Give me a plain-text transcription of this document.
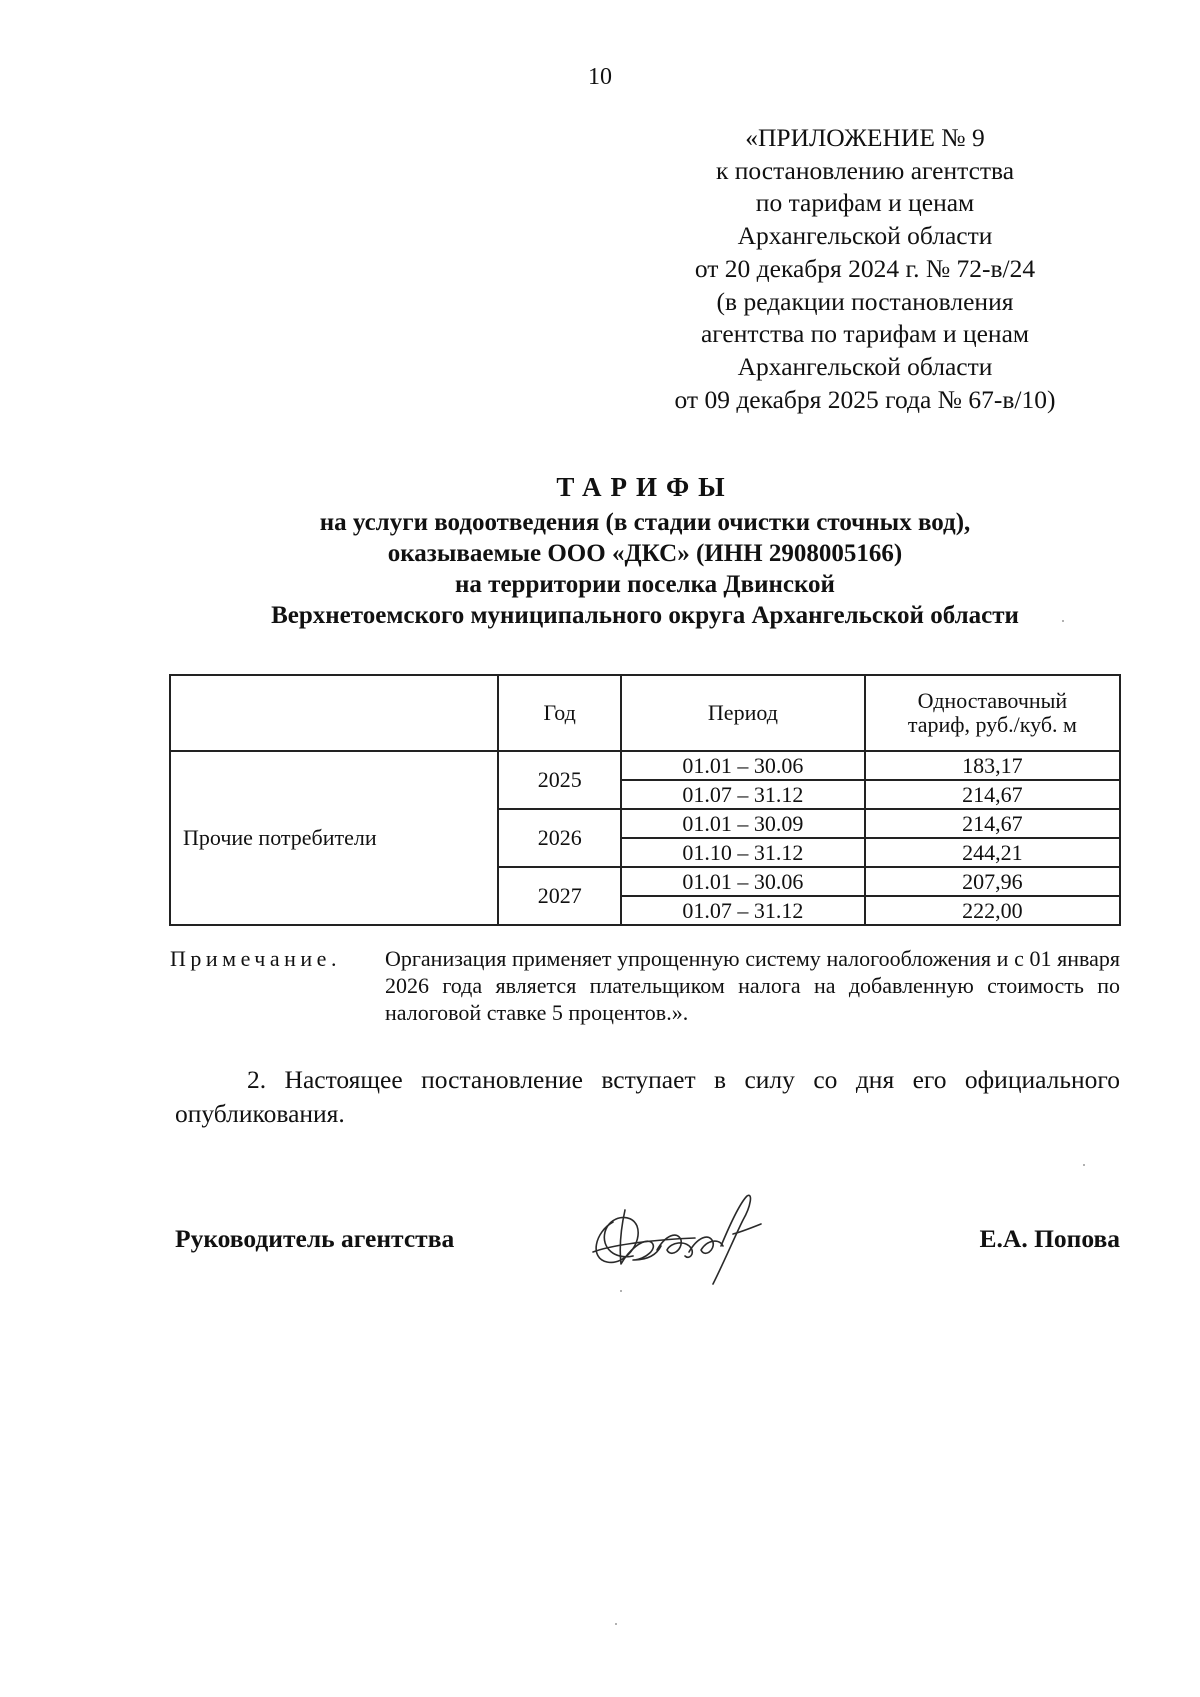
10
«ПРИЛОЖЕНИЕ № 9
к постановлению агентства
по тарифам и ценам
Архангельской области
от 20 декабря 2024 г. № 72-в/24
(в редакции постановления
агентства по тарифам и ценам
Архангельской области
от 09 декабря 2025 года № 67-в/10)
ТАРИФЫ
на услуги водоотведения (в стадии очистки сточных вод),
оказываемые ООО «ДКС» (ИНН 2908005166)
на территории поселка Двинской
Верхнетоемского муниципального округа Архангельской области
	Год	Период	Одноставочный
тариф, руб./куб. м
Прочие потребители	2025	01.01 – 30.06	183,17
		01.07 – 31.12	214,67
	2026	01.01 – 30.09	214,67
		01.10 – 31.12	244,21
	2027	01.01 – 30.06	207,96
		01.07 – 31.12	222,00
Примечание. Организация применяет упрощенную систему налогообложения и с 01 января 2026 года является плательщиком налога на добавленную стоимость по налоговой ставке 5 процентов.».
2. Настоящее постановление вступает в силу со дня его официального опубликования.
Руководитель агентства	Е.А. Попова
